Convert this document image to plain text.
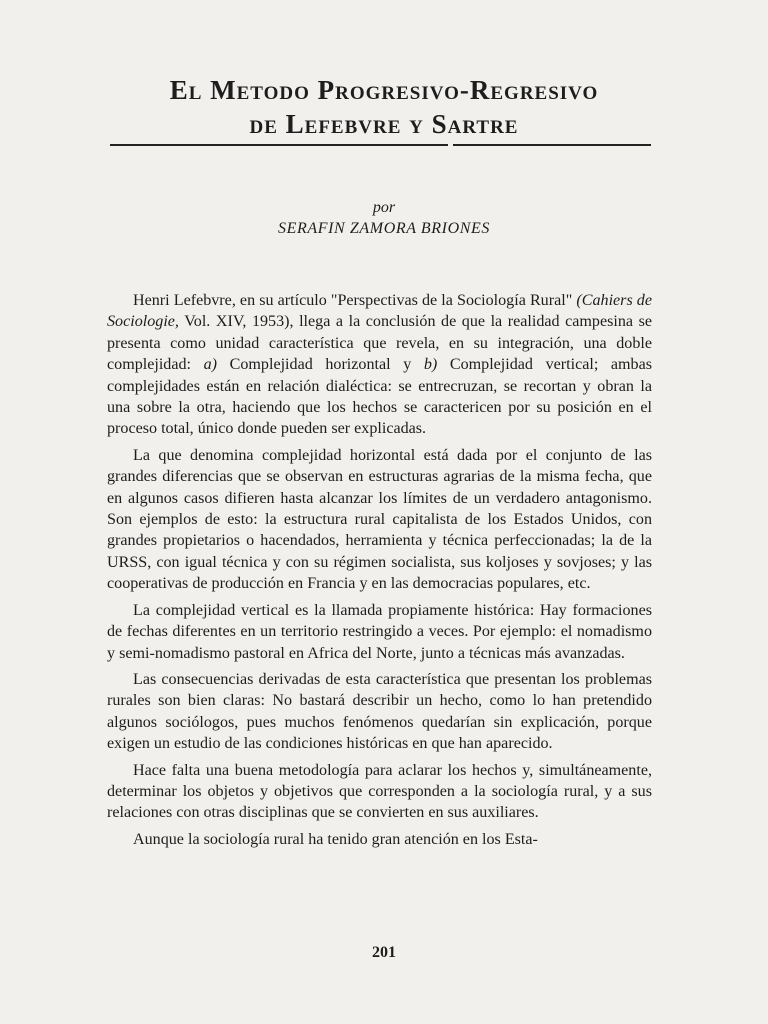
El Metodo Progresivo-Regresivo
de Lefebvre y Sartre
por
SERAFIN ZAMORA BRIONES

Henri Lefebvre, en su artículo "Perspectivas de la Sociología Rural" (Cahiers de Sociologie, Vol. XIV, 1953), llega a la conclusión de que la realidad campesina se presenta como unidad característica que revela, en su integración, una doble complejidad: a) Complejidad horizontal y b) Complejidad vertical; ambas complejidades están en relación dialéctica: se entrecruzan, se recortan y obran la una sobre la otra, haciendo que los hechos se caractericen por su posición en el proceso total, único donde pueden ser explicadas.

La que denomina complejidad horizontal está dada por el conjunto de las grandes diferencias que se observan en estructuras agrarias de la misma fecha, que en algunos casos difieren hasta alcanzar los límites de un verdadero antagonismo. Son ejemplos de esto: la estructura rural capitalista de los Estados Unidos, con grandes propietarios o hacendados, herramienta y técnica perfeccionadas; la de la URSS, con igual técnica y con su régimen socialista, sus koljoses y sovjoses; y las cooperativas de producción en Francia y en las democracias populares, etc.

La complejidad vertical es la llamada propiamente histórica: Hay formaciones de fechas diferentes en un territorio restringido a veces. Por ejemplo: el nomadismo y semi-nomadismo pastoral en Africa del Norte, junto a técnicas más avanzadas.

Las consecuencias derivadas de esta característica que presentan los problemas rurales son bien claras: No bastará describir un hecho, como lo han pretendido algunos sociólogos, pues muchos fenómenos quedarían sin explicación, porque exigen un estudio de las condiciones históricas en que han aparecido.

Hace falta una buena metodología para aclarar los hechos y, simultáneamente, determinar los objetos y objetivos que corresponden a la sociología rural, y a sus relaciones con otras disciplinas que se convierten en sus auxiliares.

Aunque la sociología rural ha tenido gran atención en los Esta-

201
